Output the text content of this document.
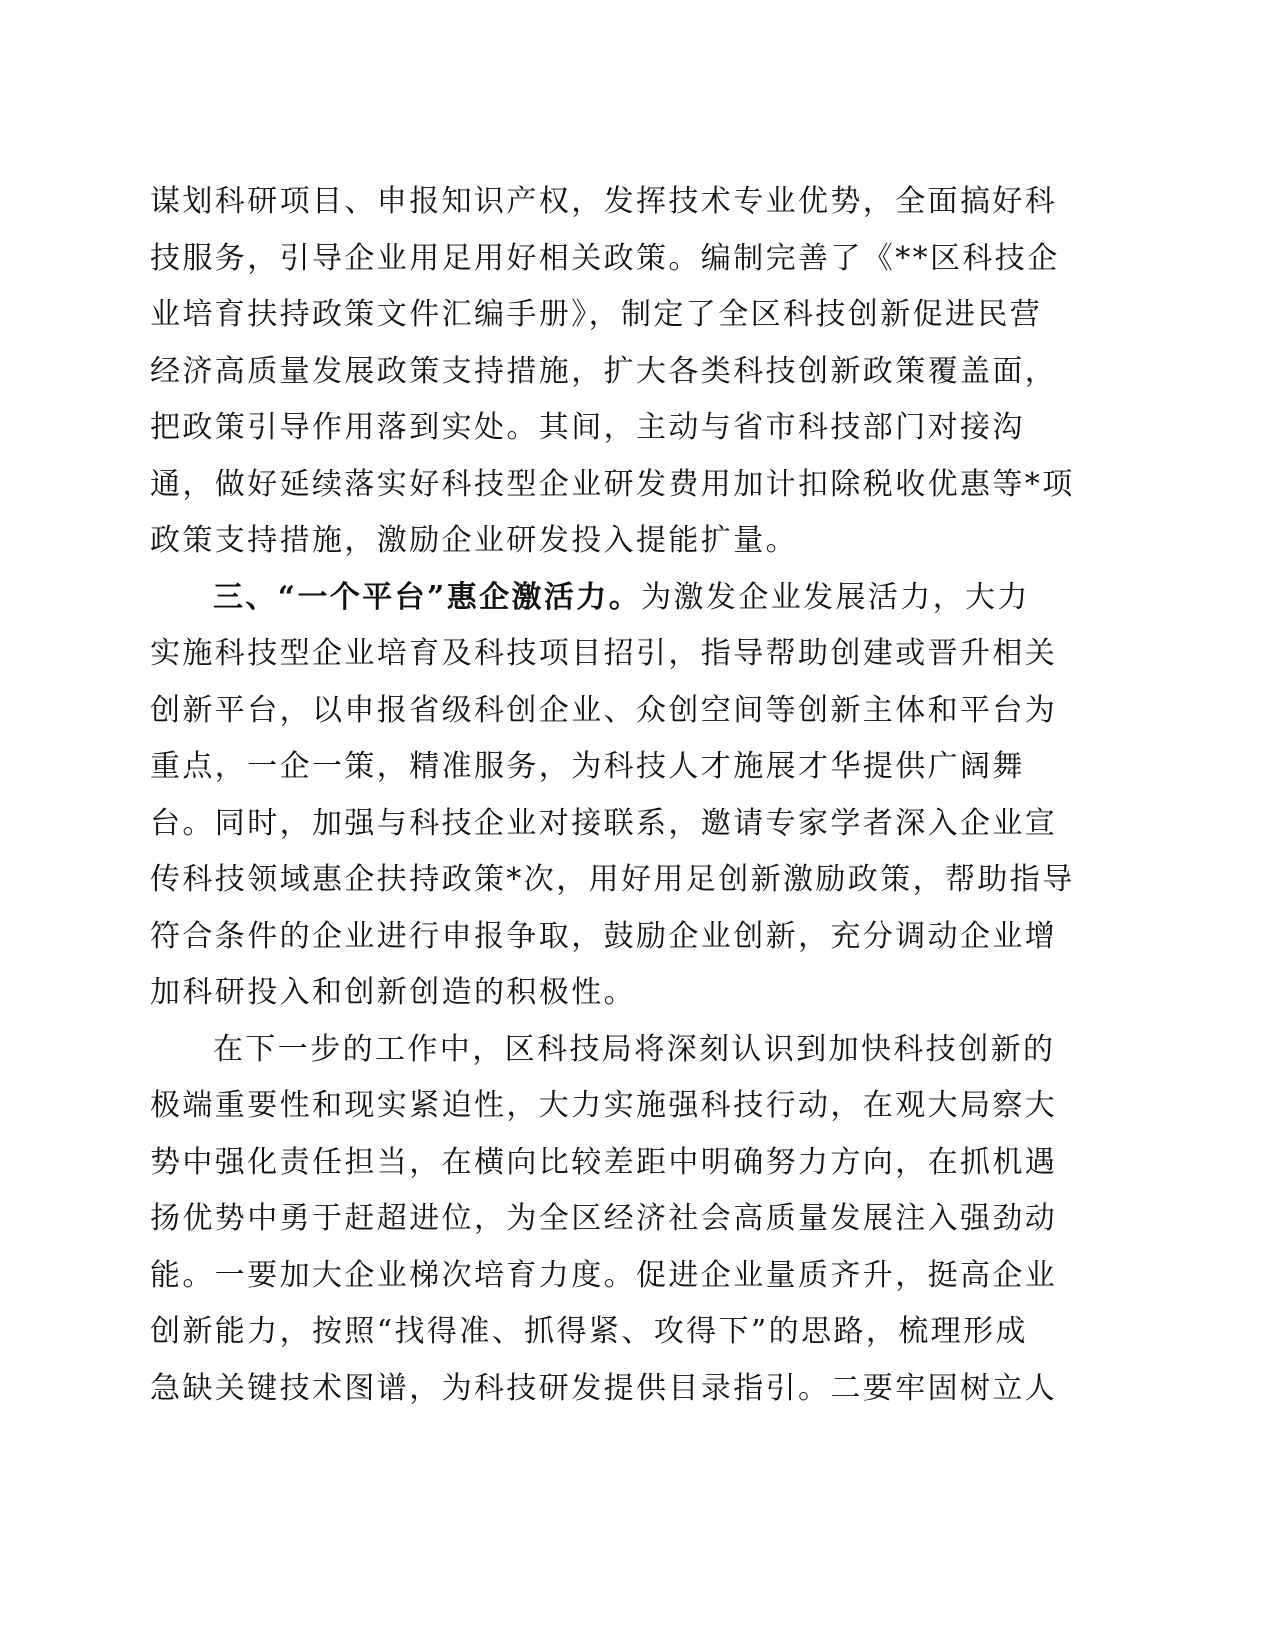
谋划科研项目、申报知识产权，发挥技术专业优势，全面搞好科
技服务，引导企业用足用好相关政策。编制完善了《**区科技企
业培育扶持政策文件汇编手册》，制定了全区科技创新促进民营
经济高质量发展政策支持措施，扩大各类科技创新政策覆盖面，
把政策引导作用落到实处。其间，主动与省市科技部门对接沟
通，做好延续落实好科技型企业研发费用加计扣除税收优惠等*项
政策支持措施，激励企业研发投入提能扩量。
三、“一个平台”惠企激活力。为激发企业发展活力，大力
实施科技型企业培育及科技项目招引，指导帮助创建或晋升相关
创新平台，以申报省级科创企业、众创空间等创新主体和平台为
重点，一企一策，精准服务，为科技人才施展才华提供广阔舞
台。同时，加强与科技企业对接联系，邀请专家学者深入企业宣
传科技领域惠企扶持政策*次，用好用足创新激励政策，帮助指导
符合条件的企业进行申报争取，鼓励企业创新，充分调动企业增
加科研投入和创新创造的积极性。
在下一步的工作中，区科技局将深刻认识到加快科技创新的
极端重要性和现实紧迫性，大力实施强科技行动，在观大局察大
势中强化责任担当，在横向比较差距中明确努力方向，在抓机遇
扬优势中勇于赶超进位，为全区经济社会高质量发展注入强劲动
能。一要加大企业梯次培育力度。促进企业量质齐升，挺高企业
创新能力，按照“找得准、抓得紧、攻得下”的思路，梳理形成
急缺关键技术图谱，为科技研发提供目录指引。二要牢固树立人
